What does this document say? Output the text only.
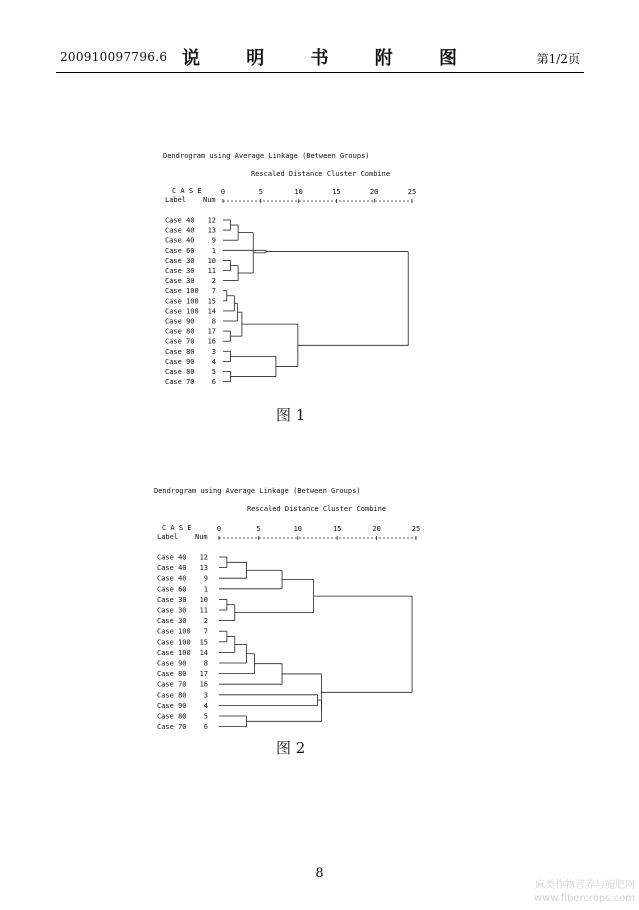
200910097796.6 说 明 书 附 图	第1/2页
Dendrogram using Average Linkage (Between Groups)
Rescaled Distance Cluster Combine
C A S E
Label Num
0	5	10	15	20	25
Case 40 12
Case 40 13
Case 40 9
Case 60 1
Case 30 10
Case 30 11
Case 30 2
Case 100 7
Case 100 15
Case 100 14
Case 90 8
Case 80 17
Case 70 16
Case 80 3
Case 90 4
Case 80 5
Case 70 6
图 1
Dendrogram using Average Linkage (Between Groups)
Rescaled Distance Cluster Combine
C A S E
Label Num
0	5	10	15	20	25
Case 40 12
Case 40 13
Case 40 9
Case 60 1
Case 30 10
Case 30 11
Case 30 2
Case 100 7
Case 100 15
Case 100 14
Case 90 8
Case 80 17
Case 70 16
Case 80 3
Case 90 4
Case 80 5
Case 70 6
图 2
8
麻类作物营养与施肥网
www.fibercrops.com
